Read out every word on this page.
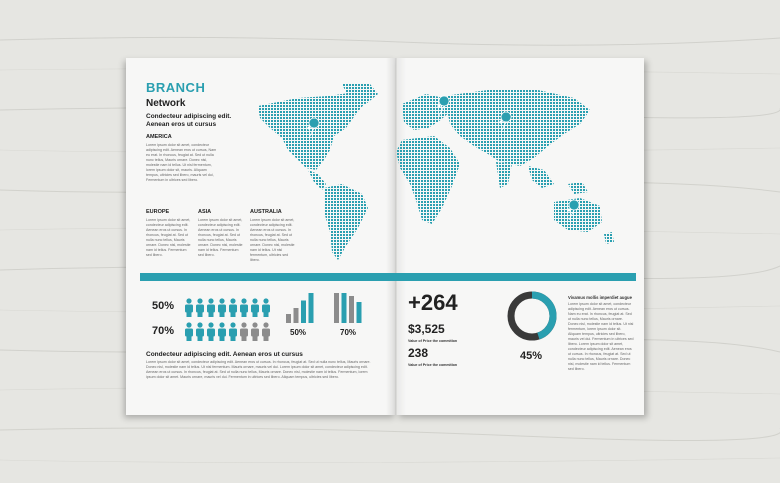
BRANCH
Network
Condecteur adipiscing edit. Aenean eros ut cursus
AMERICA
Lorem ipsum dolor sit amet, condecteur adipiscing edit. Aenean eros ut cursus, Nam eu erat. In rhoncus, feugiat at. Sed ut nulla nunc tellus, Mauris ornare. Donec nisl, molestie nam id tellus. Ut nisl fermentum, lorem ipsum dolor sit, mauris. Aliquam tempus, ultricies sed libero, mauris vel dui, Fermentum in ultrices sed libero.
EUROPE
Lorem ipsum dolor sit amet, condecteur adipiscing edit. Aenean eros ut cursus. In rhoncus, feugiat at. Sed ut nulla nunc tellus, Mauris ornare. Donec nisl, molestie nam id tellus. Fermentum sed libero.
ASIA
Lorem ipsum dolor sit amet, condecteur adipiscing edit. Aenean eros ut cursus. In rhoncus, feugiat at. Sed ut nulla nunc tellus, Mauris ornare. Donec nisl, molestie nam id tellus. Fermentum sed libero.
AUSTRALIA
Lorem ipsum dolor sit amet, condecteur adipiscing edit. Aenean eros ut cursus. In rhoncus, feugiat at. Sed ut nulla nunc tellus, Mauris ornare. Donec nisl, molestie nam id tellus. Ut nisl fermentum, ultricies sed libero.
50%
70%	50%	70%
Condecteur adipiscing edit. Aenean eros ut cursus
Lorem ipsum dolor sit amet, condecteur adipiscing edit. Aenean eros ut cursus. In rhoncus, feugiat at. Sed ut nulla nunc tellus, Mauris ornare. Donec nisl, molestie nam id tellus. Ut nisl fermentum. Mauris ornare, mauris vel dui. Lorem ipsum dolor sit amet, condecteur adipiscing edit. Aenean eros ut cursus. In rhoncus, feugiat at. Sed ut nulla nunc tellus, Mauris ornare. Donec nisl, molestie nam id tellus. Fermentum, lorem ipsum dolor sit amet. Mauris ornare, mauris vel dui. Fermentum in ultrices sed libero. Aliquam tempus, ultricies sed libero.
+264
$3,525
Value of Price the commition
238
Value of Price the commition
45%
Vivamus mollis imperdiet augue
Lorem ipsum dolor sit amet, condecteur adipiscing edit. Aenean eros ut cursus. Nam eu erat. In rhoncus, feugiat at. Sed ut nulla nunc tellus, Mauris ornare. Donec nisl, molestie nam id tellus. Ut nisl fermentum, lorem ipsum dolor sit. Aliquam tempus, ultricies sed libero, mauris vel dui. Fermentum in ultrices sed libero. Lorem ipsum dolor sit amet, condecteur adipiscing edit. Aenean eros ut cursus. In rhoncus, feugiat at. Sed ut nulla nunc tellus, Mauris ornare. Donec nisl, molestie nam id tellus. Fermentum sed libero.
